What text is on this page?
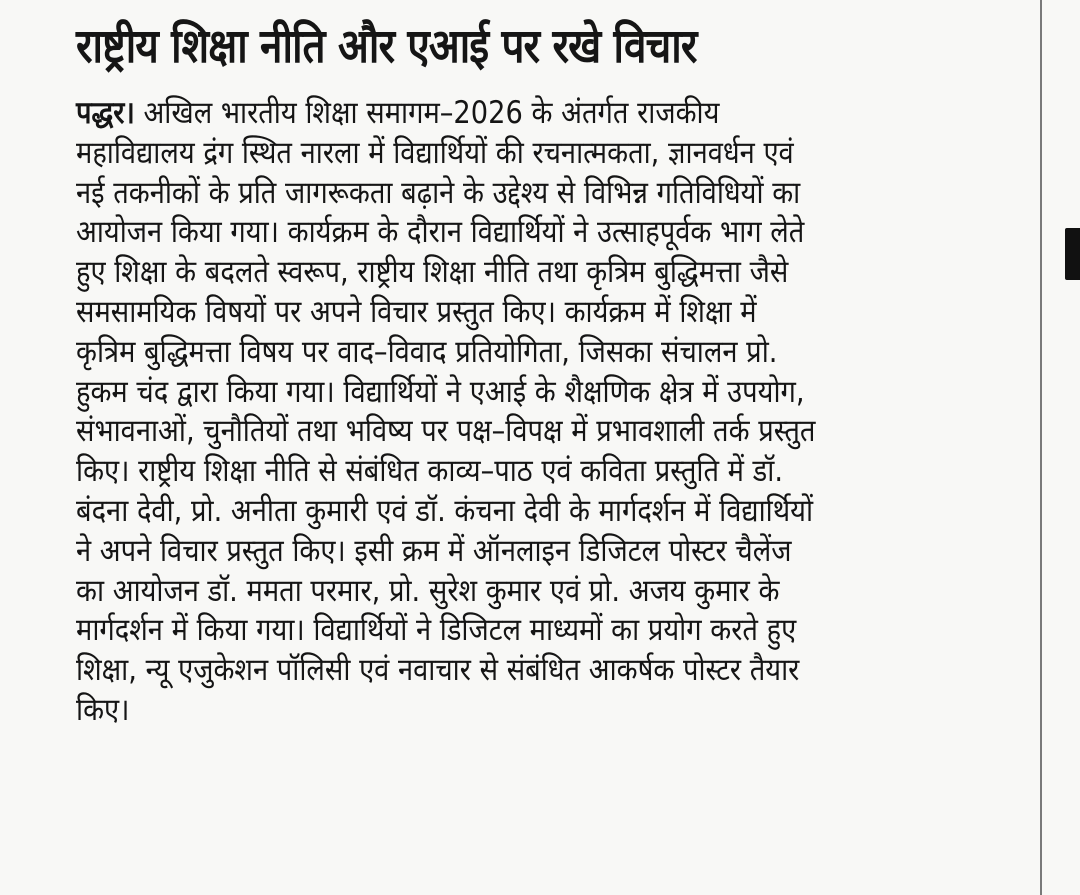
राष्ट्रीय शिक्षा नीति और एआई पर रखे विचार
पद्धर। अखिल भारतीय शिक्षा समागम–2026 के अंतर्गत राजकीय
महाविद्यालय द्रंग स्थित नारला में विद्यार्थियों की रचनात्मकता, ज्ञानवर्धन एवं
नई तकनीकों के प्रति जागरूकता बढ़ाने के उद्देश्य से विभिन्न गतिविधियों का
आयोजन किया गया। कार्यक्रम के दौरान विद्यार्थियों ने उत्साहपूर्वक भाग लेते
हुए शिक्षा के बदलते स्वरूप, राष्ट्रीय शिक्षा नीति तथा कृत्रिम बुद्धिमत्ता जैसे
समसामयिक विषयों पर अपने विचार प्रस्तुत किए। कार्यक्रम में शिक्षा में
कृत्रिम बुद्धिमत्ता विषय पर वाद–विवाद प्रतियोगिता, जिसका संचालन प्रो.
हुकम चंद द्वारा किया गया। विद्यार्थियों ने एआई के शैक्षणिक क्षेत्र में उपयोग,
संभावनाओं, चुनौतियों तथा भविष्य पर पक्ष–विपक्ष में प्रभावशाली तर्क प्रस्तुत
किए। राष्ट्रीय शिक्षा नीति से संबंधित काव्य–पाठ एवं कविता प्रस्तुति में डॉ.
बंदना देवी, प्रो. अनीता कुमारी एवं डॉ. कंचना देवी के मार्गदर्शन में विद्यार्थियों
ने अपने विचार प्रस्तुत किए। इसी क्रम में ऑनलाइन डिजिटल पोस्टर चैलेंज
का आयोजन डॉ. ममता परमार, प्रो. सुरेश कुमार एवं प्रो. अजय कुमार के
मार्गदर्शन में किया गया। विद्यार्थियों ने डिजिटल माध्यमों का प्रयोग करते हुए
शिक्षा, न्यू एजुकेशन पॉलिसी एवं नवाचार से संबंधित आकर्षक पोस्टर तैयार
किए।
